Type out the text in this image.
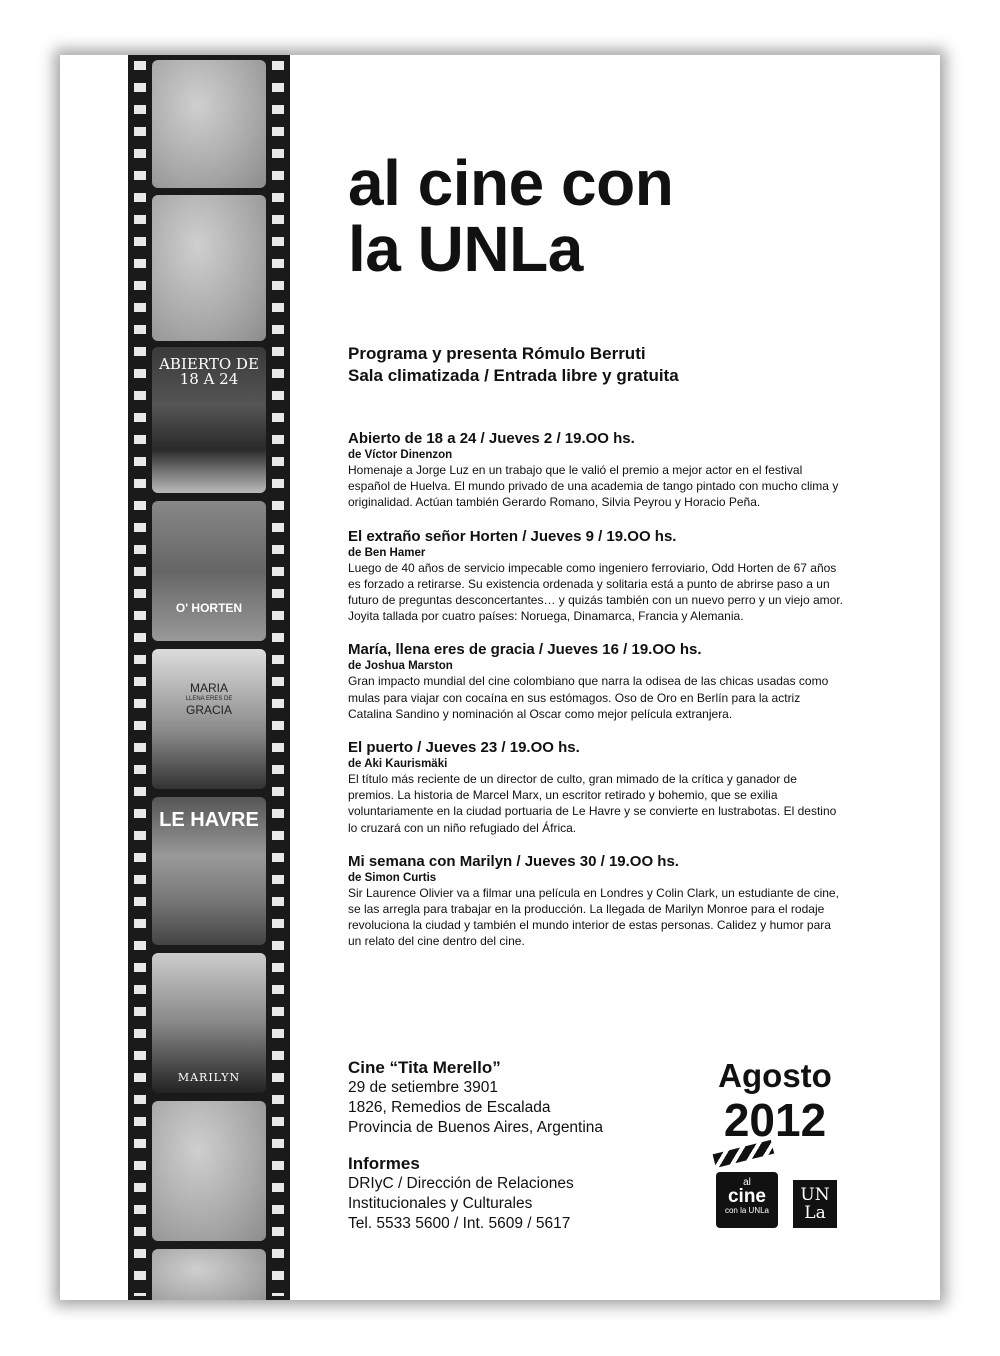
ABIERTO DE 18 A 24
O' HORTEN
MARIA
LLENA ERES DE
GRACIA
LE HAVRE
MARILYN
al cine con
la UNLa
Programa y presenta Rómulo Berruti
Sala climatizada / Entrada libre y gratuita
Abierto de 18 a 24 / Jueves 2 / 19.OO hs.
de Víctor Dinenzon
Homenaje a Jorge Luz en un trabajo que le valió el premio a mejor actor en el festival español de Huelva. El mundo privado de una academia de tango pintado con mucho clima y originalidad. Actúan también Gerardo Romano, Silvia Peyrou y Horacio Peña.
El extraño señor Horten / Jueves 9 / 19.OO hs.
de Ben Hamer
Luego de 40 años de servicio impecable como ingeniero ferroviario, Odd Horten de 67 años es forzado a retirarse. Su existencia ordenada y solitaria está a punto de abrirse paso a un futuro de preguntas desconcertantes… y quizás también con un nuevo perro y un viejo amor. Joyita tallada por cuatro países: Noruega, Dinamarca, Francia y Alemania.
María, llena eres de gracia / Jueves 16 / 19.OO hs.
de Joshua Marston
Gran impacto mundial del cine colombiano que narra la odisea de las chicas usadas como mulas para viajar con cocaína en sus estómagos. Oso de Oro en Berlín para la actriz Catalina Sandino y nominación al Oscar como mejor película extranjera.
El puerto / Jueves 23 / 19.OO hs.
de Aki Kaurismäki
El título más reciente de un director de culto, gran mimado de la crítica y ganador de premios. La historia de Marcel Marx, un escritor retirado y bohemio, que se exilia voluntariamente en la ciudad portuaria de Le Havre y se convierte en lustrabotas. El destino lo cruzará con un niño refugiado del África.
Mi semana con Marilyn / Jueves 30 / 19.OO hs.
de Simon Curtis
Sir Laurence Olivier va a filmar una película en Londres y Colin Clark, un estudiante de cine, se las arregla para trabajar en la producción. La llegada de Marilyn Monroe para el rodaje revoluciona la ciudad y también el mundo interior de estas personas. Calidez y humor para un relato del cine dentro del cine.
Cine “Tita Merello”
29 de setiembre 3901
1826, Remedios de Escalada
Provincia de Buenos Aires, Argentina
Informes
DRIyC / Dirección de Relaciones
Institucionales y Culturales
Tel. 5533 5600 / Int. 5609 / 5617
Agosto
2012
al
cine
con la UNLa
UN
La
